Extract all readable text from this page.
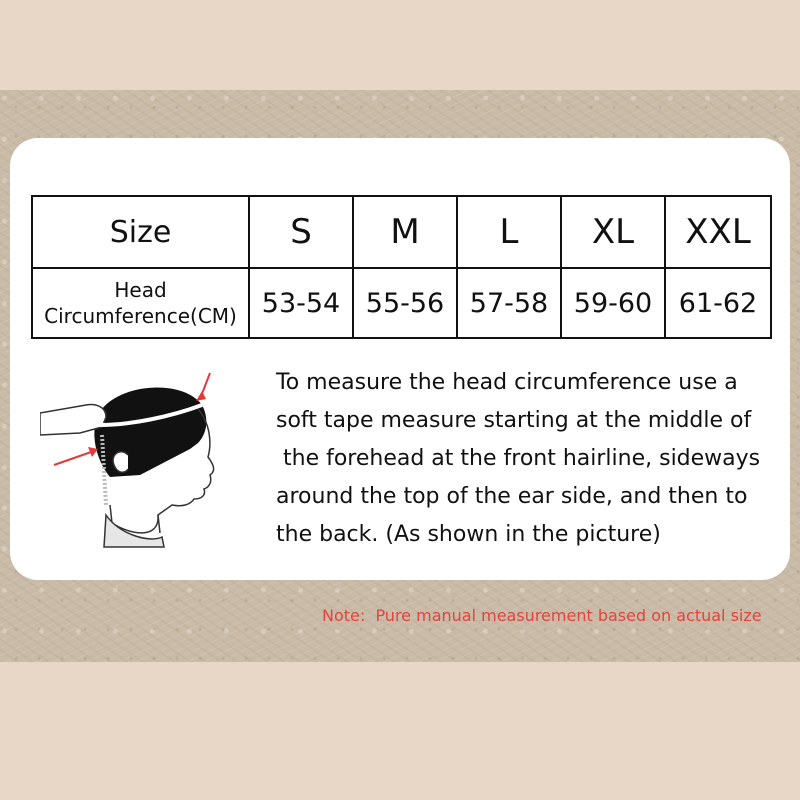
Size	S	M	L	XL	XXL

Head
Circumference(CM)	53-54	55-56	57-58	59-60	61-62
To measure the head circumference use a
soft tape measure starting at the middle of
the forehead at the front hairline, sideways
around the top of the ear side, and then to
the back. (As shown in the picture)
Note:  Pure manual measurement based on actual size
